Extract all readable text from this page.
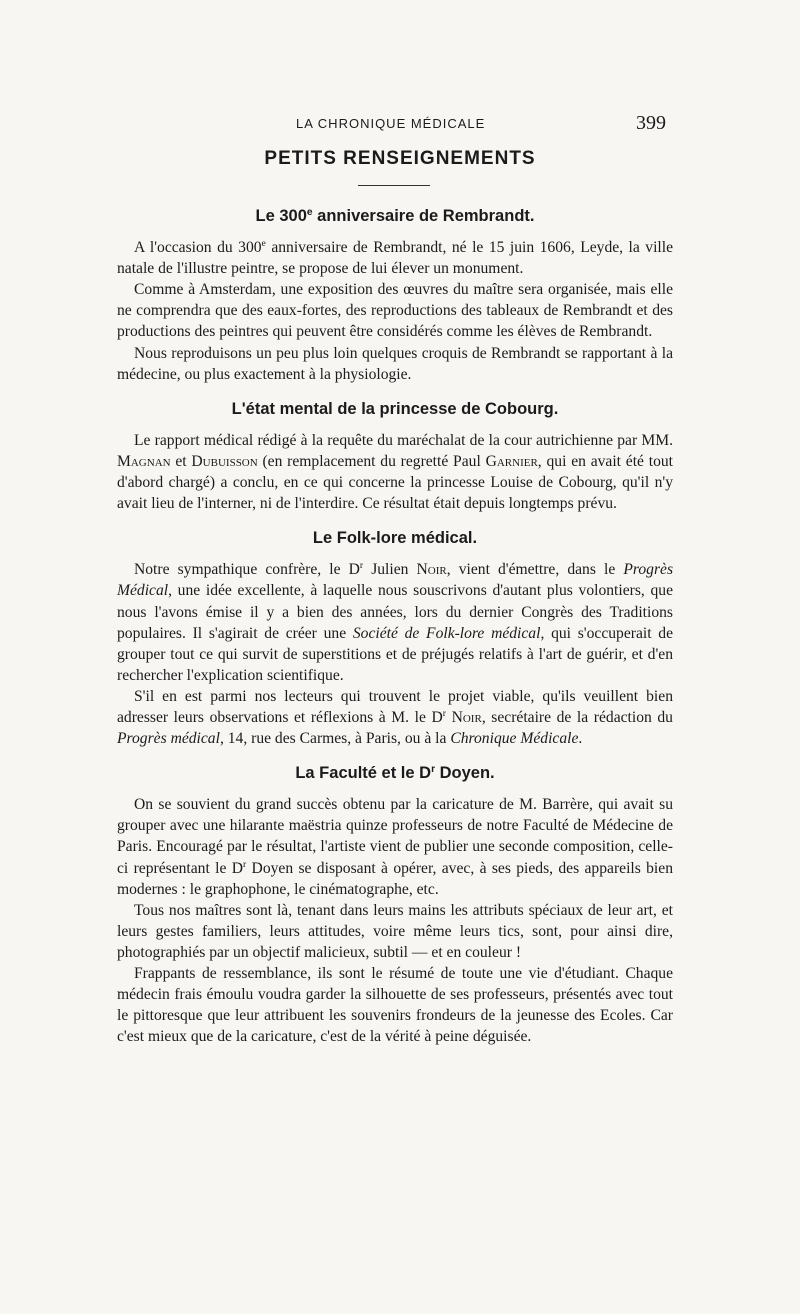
LA CHRONIQUE MÉDICALE	399
PETITS RENSEIGNEMENTS
Le 300e anniversaire de Rembrandt.

A l'occasion du 300e anniversaire de Rembrandt, né le 15 juin 1606, Leyde, la ville natale de l'illustre peintre, se propose de lui élever un monument.

Comme à Amsterdam, une exposition des œuvres du maître sera organisée, mais elle ne comprendra que des eaux-fortes, des reproductions des tableaux de Rembrandt et des productions des peintres qui peuvent être considérés comme les élèves de Rembrandt.

Nous reproduisons un peu plus loin quelques croquis de Rembrandt se rapportant à la médecine, ou plus exactement à la physiologie.

L'état mental de la princesse de Cobourg.

Le rapport médical rédigé à la requête du maréchalat de la cour autrichienne par MM. Magnan et Dubuisson (en remplacement du regretté Paul Garnier, qui en avait été tout d'abord chargé) a conclu, en ce qui concerne la princesse Louise de Cobourg, qu'il n'y avait lieu de l'interner, ni de l'interdire. Ce résultat était depuis longtemps prévu.

Le Folk-lore médical.

Notre sympathique confrère, le $D^r$ Julien Noir, vient d'émettre, dans le Progrès Médical, une idée excellente, à laquelle nous souscrivons d'autant plus volontiers, que nous l'avons émise il y a bien des années, lors du dernier Congrès des Traditions populaires. Il s'agirait de créer une Société de Folk-lore médical, qui s'occuperait de grouper tout ce qui survit de superstitions et de préjugés relatifs à l'art de guérir, et d'en rechercher l'explication scientifique.

S'il en est parmi nos lecteurs qui trouvent le projet viable, qu'ils veuillent bien adresser leurs observations et réflexions à M. le $D^r$ Noir, secrétaire de la rédaction du Progrès médical, 14, rue des Carmes, à Paris, ou à la Chronique Médicale.

La Faculté et le $D^r$ Doyen.

On se souvient du grand succès obtenu par la caricature de M. Barrère, qui avait su grouper avec une hilarante maëstria quinze professeurs de notre Faculté de Médecine de Paris. Encouragé par le résultat, l'artiste vient de publier une seconde composition, celle-ci représentant le $D^r$ Doyen se disposant à opérer, avec, à ses pieds, des appareils bien modernes : le graphophone, le cinématographe, etc.

Tous nos maîtres sont là, tenant dans leurs mains les attributs spéciaux de leur art, et leurs gestes familiers, leurs attitudes, voire même leurs tics, sont, pour ainsi dire, photographiés par un objectif malicieux, subtil — et en couleur !

Frappants de ressemblance, ils sont le résumé de toute une vie d'étudiant. Chaque médecin frais émoulu voudra garder la silhouette de ses professeurs, présentés avec tout le pittoresque que leur attribuent les souvenirs frondeurs de la jeunesse des Ecoles. Car c'est mieux que de la caricature, c'est de la vérité à peine déguisée.
